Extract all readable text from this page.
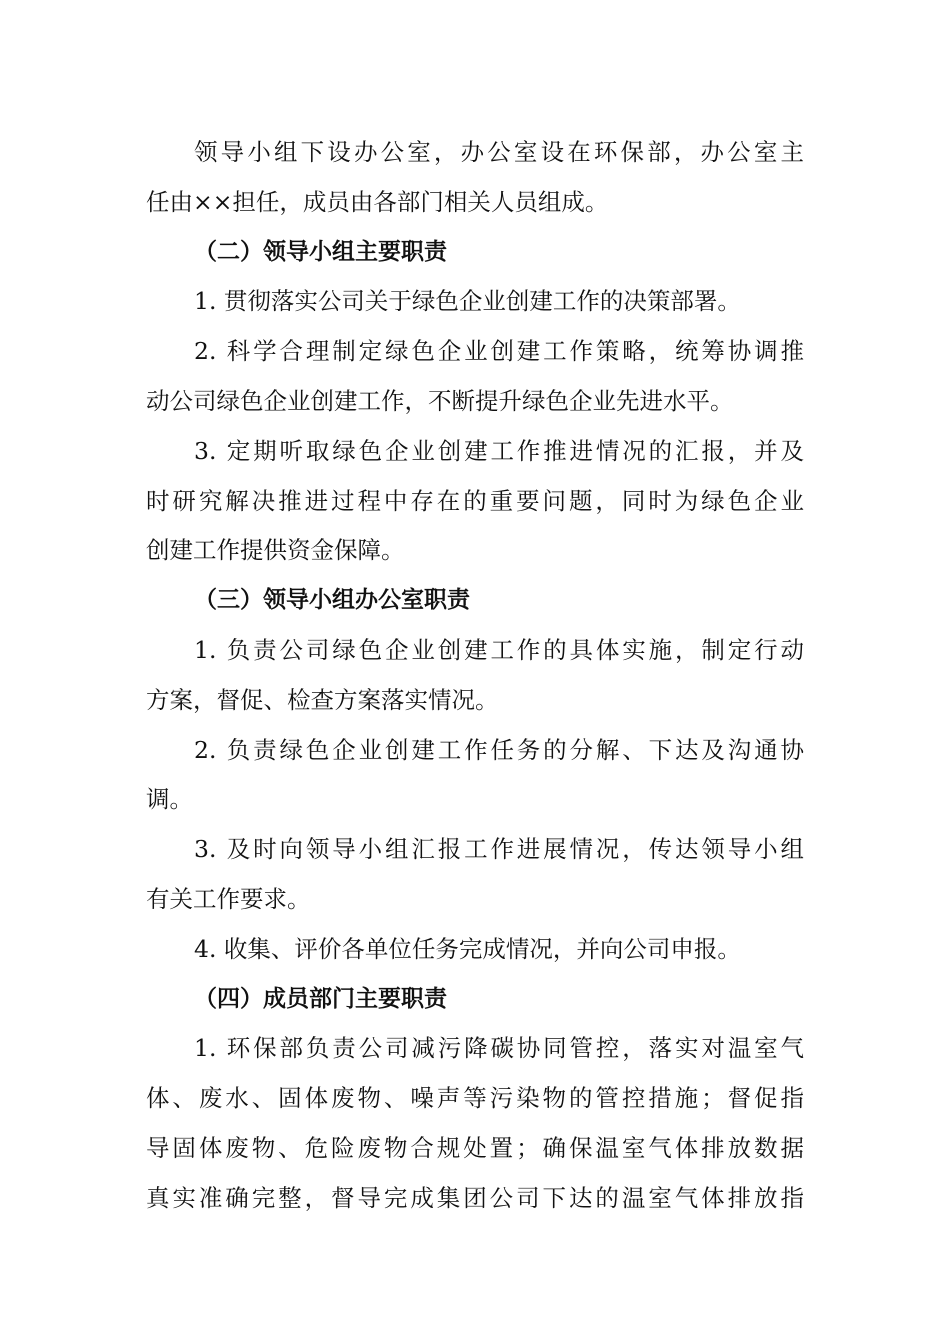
领导小组下设办公室，办公室设在环保部，办公室主
任由××担任，成员由各部门相关人员组成。
（二）领导小组主要职责
1. 贯彻落实公司关于绿色企业创建工作的决策部署。
2. 科学合理制定绿色企业创建工作策略，统筹协调推
动公司绿色企业创建工作，不断提升绿色企业先进水平。
3. 定期听取绿色企业创建工作推进情况的汇报，并及
时研究解决推进过程中存在的重要问题，同时为绿色企业
创建工作提供资金保障。
（三）领导小组办公室职责
1. 负责公司绿色企业创建工作的具体实施，制定行动
方案，督促、检查方案落实情况。
2. 负责绿色企业创建工作任务的分解、下达及沟通协
调。
3. 及时向领导小组汇报工作进展情况，传达领导小组
有关工作要求。
4. 收集、评价各单位任务完成情况，并向公司申报。
（四）成员部门主要职责
1. 环保部负责公司减污降碳协同管控，落实对温室气
体、废水、固体废物、噪声等污染物的管控措施；督促指
导固体废物、危险废物合规处置；确保温室气体排放数据
真实准确完整，督导完成集团公司下达的温室气体排放指
